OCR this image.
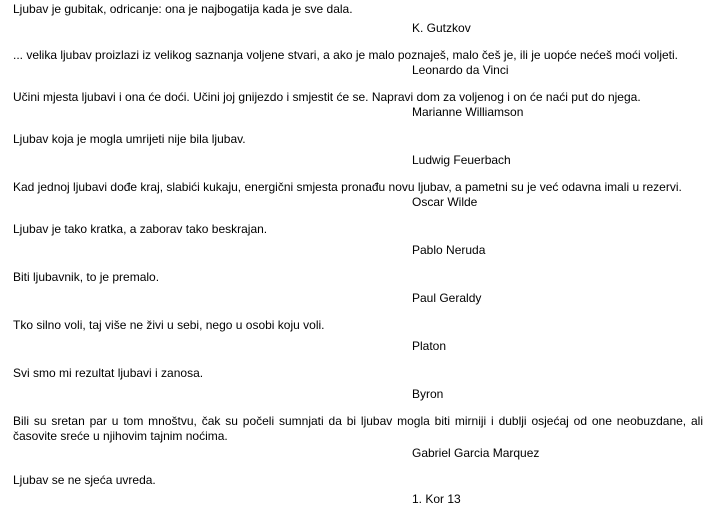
Ljubav je gubitak, odricanje: ona je najbogatija kada je sve dala.
K. Gutzkov
... velika ljubav proizlazi iz velikog saznanja voljene stvari, a ako je malo poznaješ, malo češ je, ili je uopće nećeš moći voljeti.
Leonardo da Vinci
Učini mjesta ljubavi i ona će doći. Učini joj gnijezdo i smjestit će se. Napravi dom za voljenog i on će naći put do njega.
Marianne Williamson
Ljubav koja je mogla umrijeti nije bila ljubav.
Ludwig Feuerbach
Kad jednoj ljubavi dođe kraj, slabići kukaju, energični smjesta pronađu novu ljubav, a pametni su je već odavna imali u rezervi.
Oscar Wilde
Ljubav je tako kratka, a zaborav tako beskrajan.
Pablo Neruda
Biti ljubavnik, to je premalo.
Paul Geraldy
Tko silno voli, taj više ne živi u sebi, nego u osobi koju voli.
Platon
Svi smo mi rezultat ljubavi i zanosa.
Byron
Bili su sretan par u tom mnoštvu, čak su počeli sumnjati da bi ljubav mogla biti mirniji i dublji osjećaj od one neobuzdane, ali časovite sreće u njihovim tajnim noćima.
Gabriel Garcia Marquez
Ljubav se ne sjeća uvreda.
1. Kor 13
